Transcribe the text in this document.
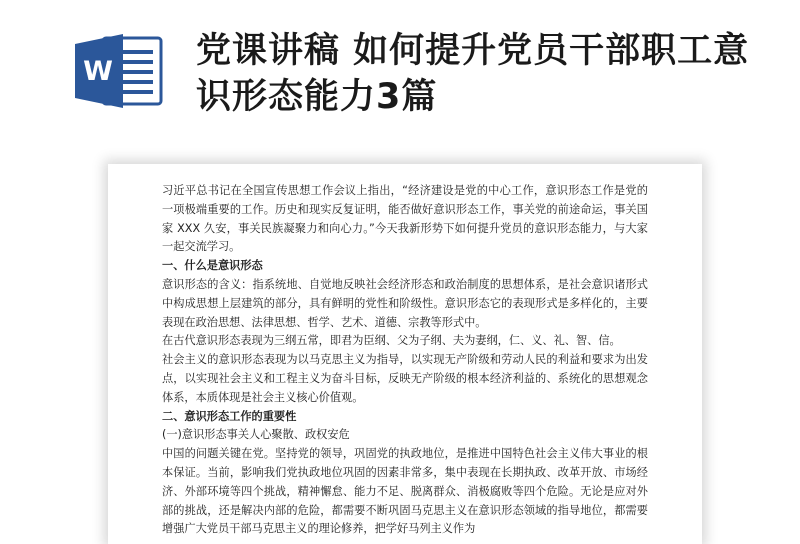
W
党课讲稿 如何提升党员干部职工意识形态能力3篇

习近平总书记在全国宣传思想工作会议上指出，“经济建设是党的中心工作，意识形态工作是党的一项极端重要的工作。历史和现实反复证明，能否做好意识形态工作，事关党的前途命运，事关国家 XXX 久安，事关民族凝聚力和向心力。”今天我新形势下如何提升党员的意识形态能力，与大家一起交流学习。

一、什么是意识形态

意识形态的含义：指系统地、自觉地反映社会经济形态和政治制度的思想体系，是社会意识诸形式中构成思想上层建筑的部分，具有鲜明的党性和阶级性。意识形态它的表现形式是多样化的，主要表现在政治思想、法律思想、哲学、艺术、道德、宗教等形式中。

在古代意识形态表现为三纲五常，即君为臣纲、父为子纲、夫为妻纲，仁、义、礼、智、信。

社会主义的意识形态表现为以马克思主义为指导，以实现无产阶级和劳动人民的利益和要求为出发点，以实现社会主义和工程主义为奋斗目标，反映无产阶级的根本经济利益的、系统化的思想观念体系，本质体现是社会主义核心价值观。

二、意识形态工作的重要性

(一)意识形态事关人心聚散、政权安危

中国的问题关键在党。坚持党的领导，巩固党的执政地位，是推进中国特色社会主义伟大事业的根本保证。当前，影响我们党执政地位巩固的因素非常多，集中表现在长期执政、改革开放、市场经济、外部环境等四个挑战，精神懈怠、能力不足、脱离群众、消极腐败等四个危险。无论是应对外部的挑战，还是解决内部的危险，都需要不断巩固马克思主义在意识形态领域的指导地位，都需要增强广大党员干部马克思主义的理论修养，把学好马列主义作为
